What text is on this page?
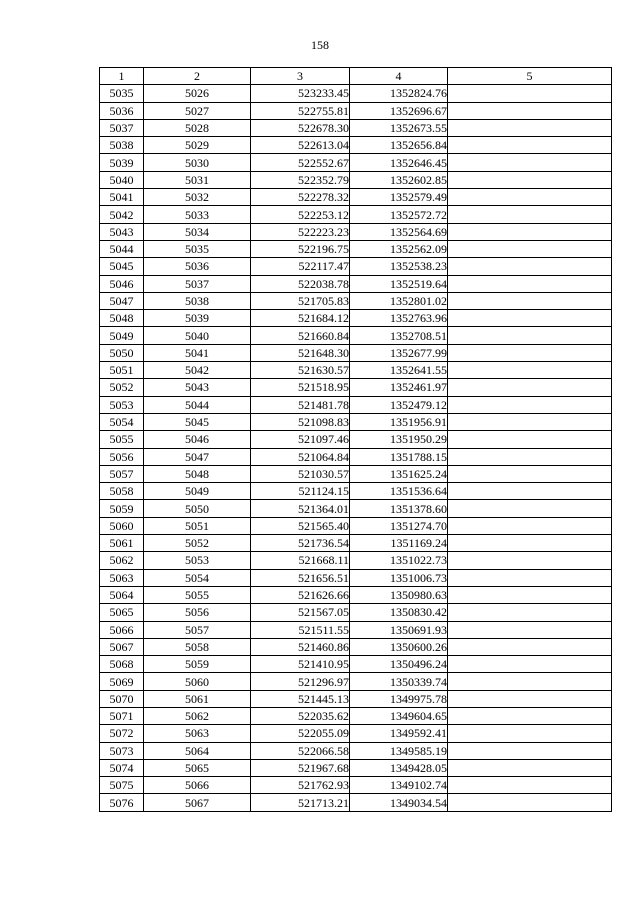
158
1	2	3	4	5
5035	5026	523233.45	1352824.76	
5036	5027	522755.81	1352696.67	
5037	5028	522678.30	1352673.55	
5038	5029	522613.04	1352656.84	
5039	5030	522552.67	1352646.45	
5040	5031	522352.79	1352602.85	
5041	5032	522278.32	1352579.49	
5042	5033	522253.12	1352572.72	
5043	5034	522223.23	1352564.69	
5044	5035	522196.75	1352562.09	
5045	5036	522117.47	1352538.23	
5046	5037	522038.78	1352519.64	
5047	5038	521705.83	1352801.02	
5048	5039	521684.12	1352763.96	
5049	5040	521660.84	1352708.51	
5050	5041	521648.30	1352677.99	
5051	5042	521630.57	1352641.55	
5052	5043	521518.95	1352461.97	
5053	5044	521481.78	1352479.12	
5054	5045	521098.83	1351956.91	
5055	5046	521097.46	1351950.29	
5056	5047	521064.84	1351788.15	
5057	5048	521030.57	1351625.24	
5058	5049	521124.15	1351536.64	
5059	5050	521364.01	1351378.60	
5060	5051	521565.40	1351274.70	
5061	5052	521736.54	1351169.24	
5062	5053	521668.11	1351022.73	
5063	5054	521656.51	1351006.73	
5064	5055	521626.66	1350980.63	
5065	5056	521567.05	1350830.42	
5066	5057	521511.55	1350691.93	
5067	5058	521460.86	1350600.26	
5068	5059	521410.95	1350496.24	
5069	5060	521296.97	1350339.74	
5070	5061	521445.13	1349975.78	
5071	5062	522035.62	1349604.65	
5072	5063	522055.09	1349592.41	
5073	5064	522066.58	1349585.19	
5074	5065	521967.68	1349428.05	
5075	5066	521762.93	1349102.74	
5076	5067	521713.21	1349034.54	
